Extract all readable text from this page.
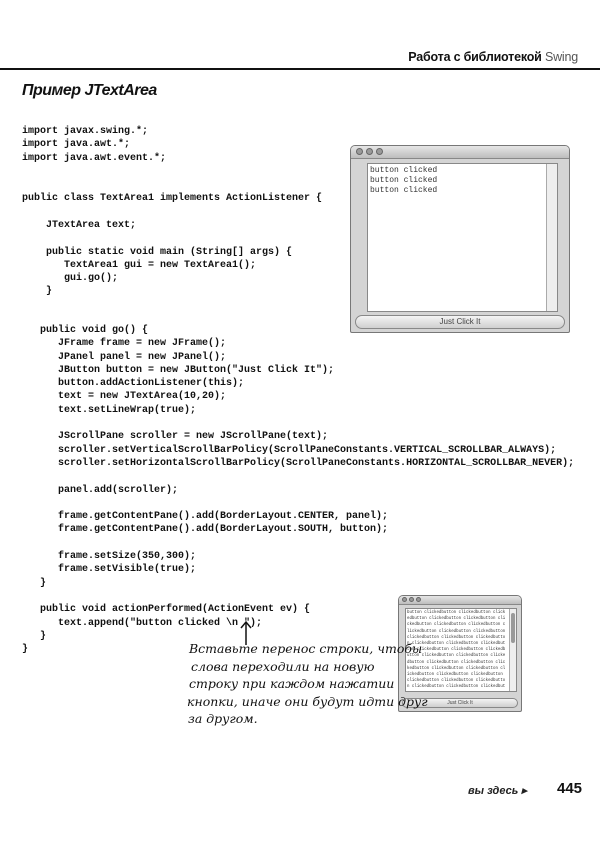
Работа с библиотекой Swing
Пример JTextArea
import javax.swing.*;
import java.awt.*;
import java.awt.event.*;
public class TextArea1 implements ActionListener {
JTextArea text;

public static void main (String[] args) {
TextArea1 gui = new TextArea1();
gui.go();
}
public void go() {
JFrame frame = new JFrame();
JPanel panel = new JPanel();
JButton button = new JButton("Just Click It");
button.addActionListener(this);
text = new JTextArea(10,20);
text.setLineWrap(true);

JScrollPane scroller = new JScrollPane(text);
scroller.setVerticalScrollBarPolicy(ScrollPaneConstants.VERTICAL_SCROLLBAR_ALWAYS);
scroller.setHorizontalScrollBarPolicy(ScrollPaneConstants.HORIZONTAL_SCROLLBAR_NEVER);

panel.add(scroller);

frame.getContentPane().add(BorderLayout.CENTER, panel);
frame.getContentPane().add(BorderLayout.SOUTH, button);

frame.setSize(350,300);
frame.setVisible(true);
}

public void actionPerformed(ActionEvent ev) {
text.append("button clicked \n ");
}
}
button clicked
button clicked
button clicked
Just Click It
button clickedbutton clickedbutton clickedbutton clickedbutton clickedbutton clickedbutton clickedbutton clickedbutton clickedbutton clickedbutton clickedbutton clickedbutton clickedbutton clickedbutton clickedbutton clickedbutton clickedbutton clickedbutton clickedbutton clickedbutton clickedbutton clickedbutton clickedbutton clickedbutton clickedbutton clickedbutton clickedbutton clickedbutton clickedbutton clickedbutton clickedbutton clickedbutton clickedbutton clickedbutton clickedbutton clickedbutton clickedbut
Just Click It
Вставьте перенос строки, чтобы
слова переходили на новую
строку при каждом нажатии
кнопки, иначе они будут идти друг
за другом.
вы здесь ▸ 445
